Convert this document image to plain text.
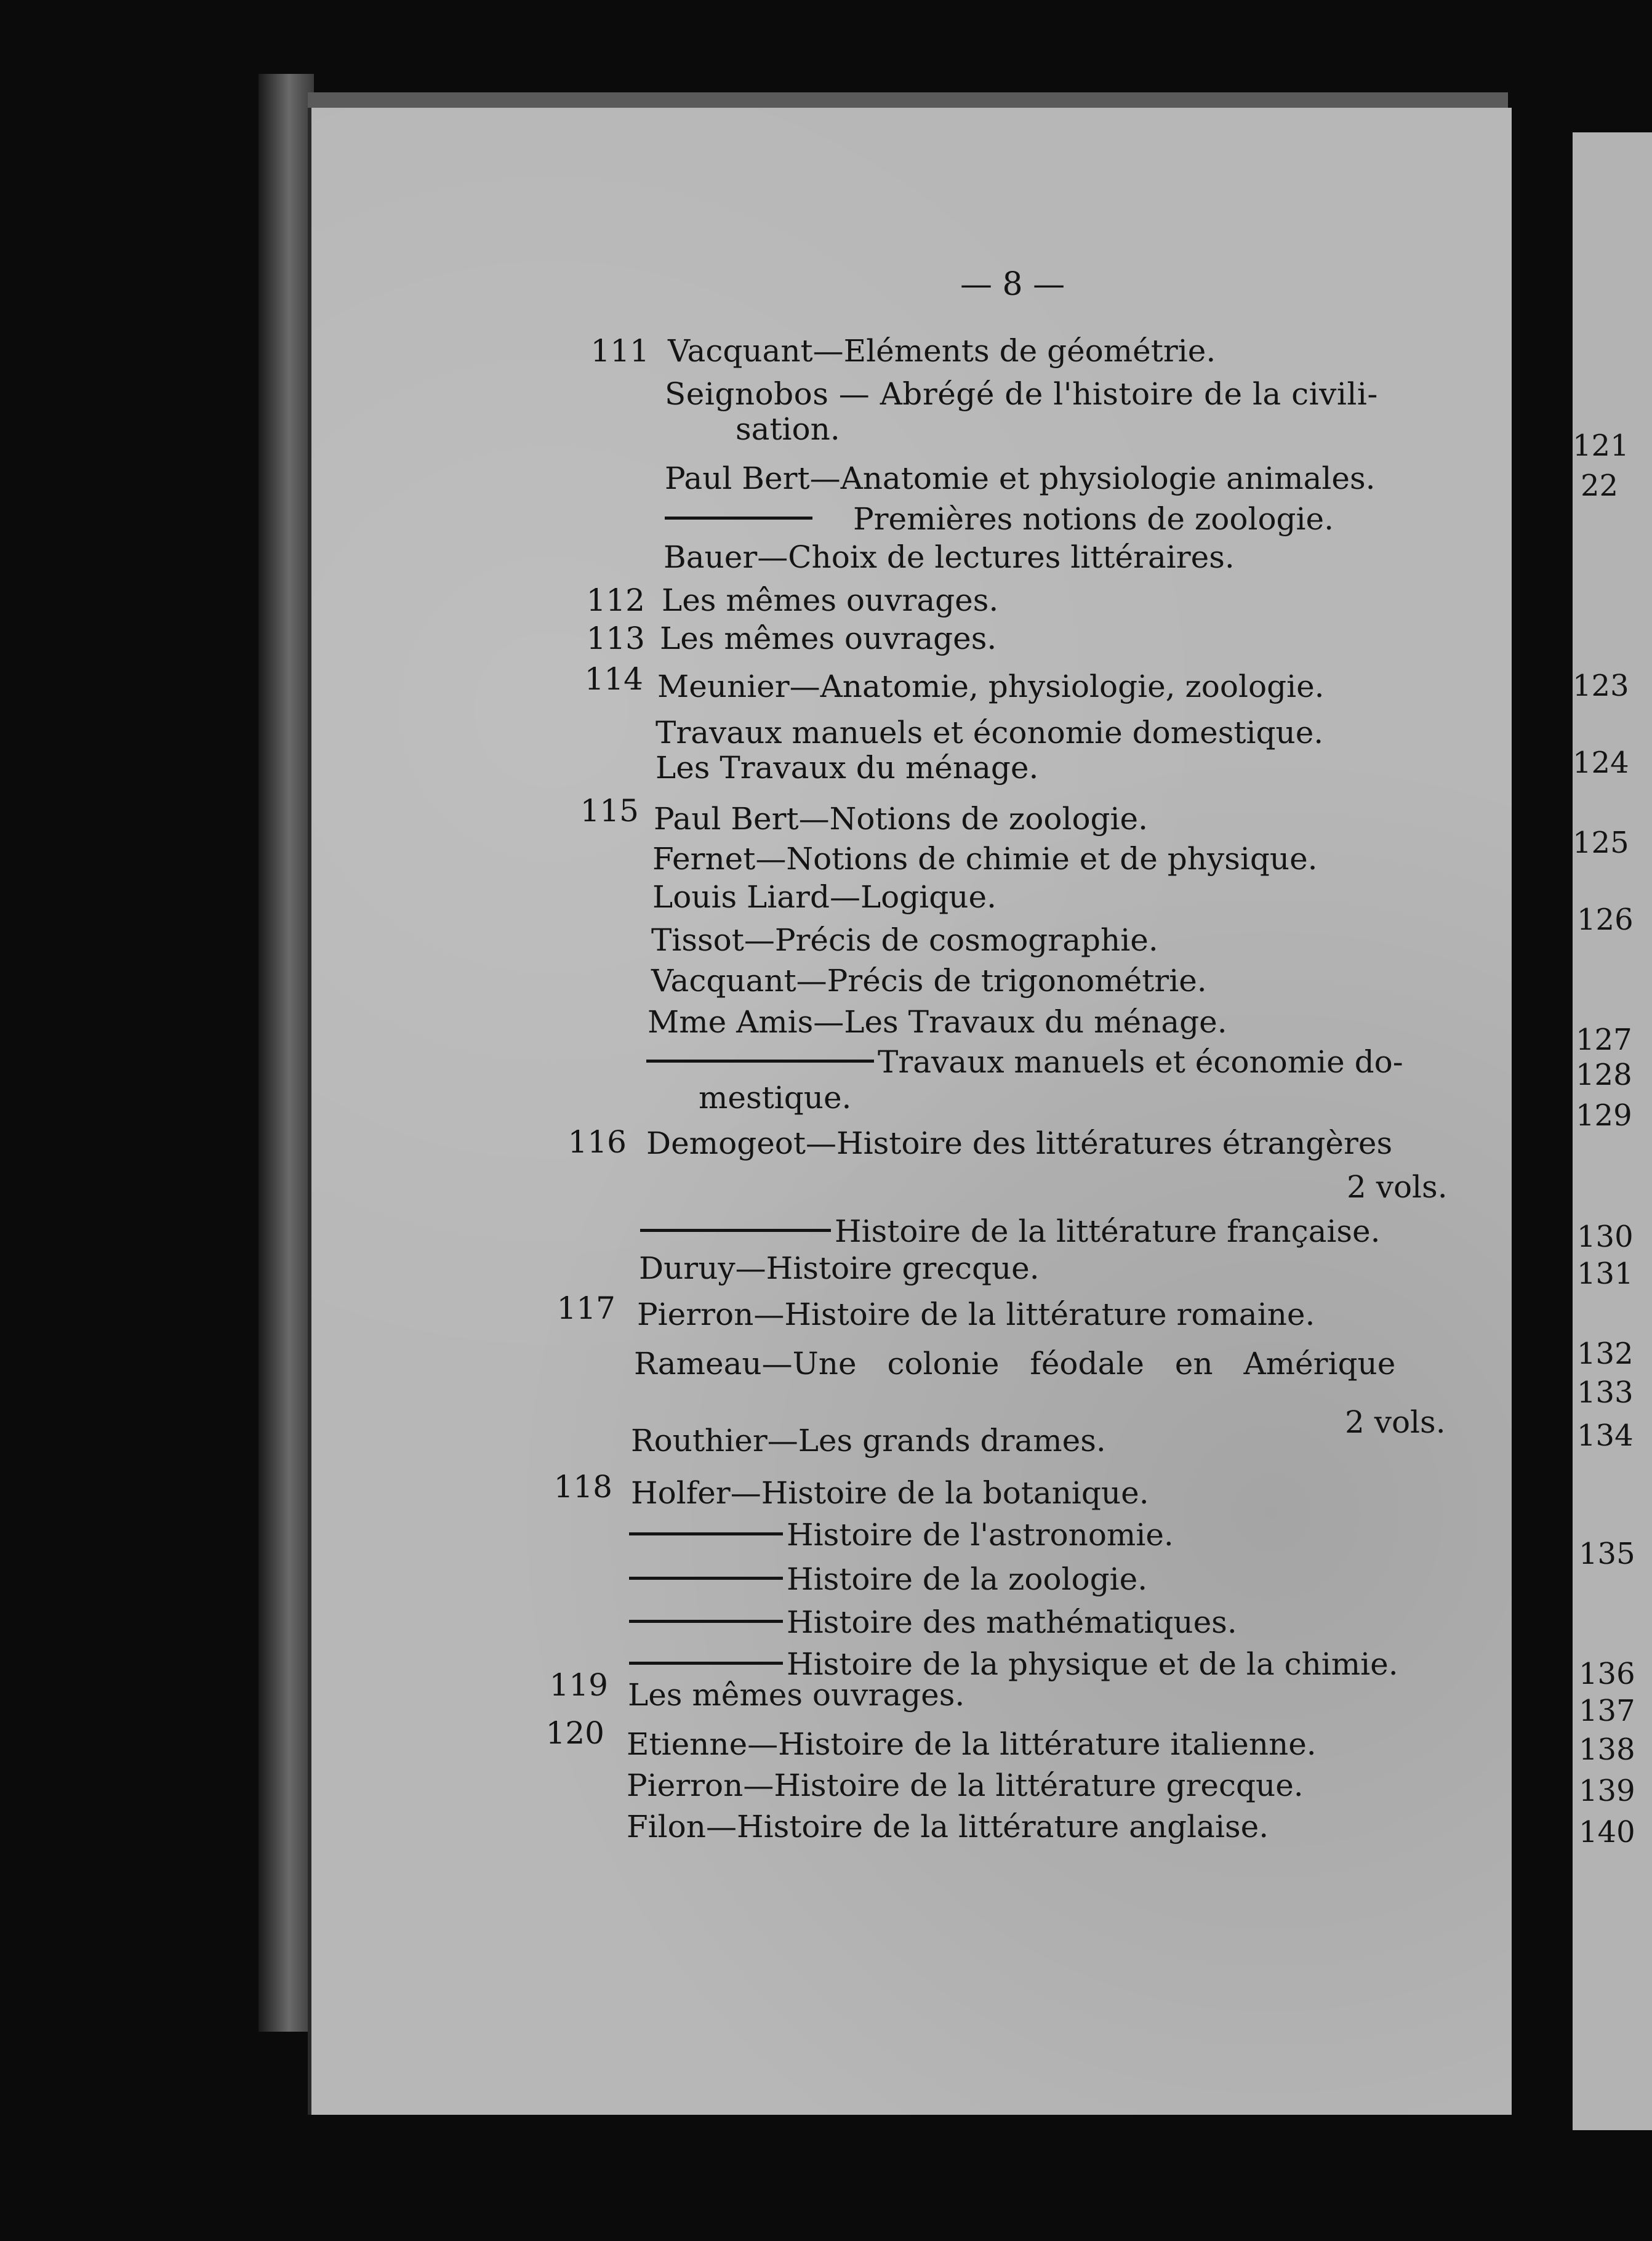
— 8 —
111 Vacquant—Eléments de géométrie.
Seignobos — Abrégé de l'histoire de la civili-
sation.
Paul Bert—Anatomie et physiologie animales.
Premières notions de zoologie.
Bauer—Choix de lectures littéraires.
112 Les mêmes ouvrages.
113 Les mêmes ouvrages.
114 Meunier—Anatomie, physiologie, zoologie.
Travaux manuels et économie domestique.
Les Travaux du ménage.
115 Paul Bert—Notions de zoologie.
Fernet—Notions de chimie et de physique.
Louis Liard—Logique.
Tissot—Précis de cosmographie.
Vacquant—Précis de trigonométrie.
Mme Amis—Les Travaux du ménage.
Travaux manuels et économie do-
mestique.
116 Demogeot—Histoire des littératures étrangères
2 vols.
Histoire de la littérature française.
Duruy—Histoire grecque.
117 Pierron—Histoire de la littérature romaine.
Rameau—Une colonie féodale en Amérique
2 vols.
Routhier—Les grands drames.
118 Holfer—Histoire de la botanique.
Histoire de l'astronomie.
Histoire de la zoologie.
Histoire des mathématiques.
Histoire de la physique et de la chimie.
119 Les mêmes ouvrages.
120 Etienne—Histoire de la littérature italienne.
Pierron—Histoire de la littérature grecque.
Filon—Histoire de la littérature anglaise.
121
22
123
124
125
126
127
128
129
130
131
132
133
134
135
136
137
138
139
140
